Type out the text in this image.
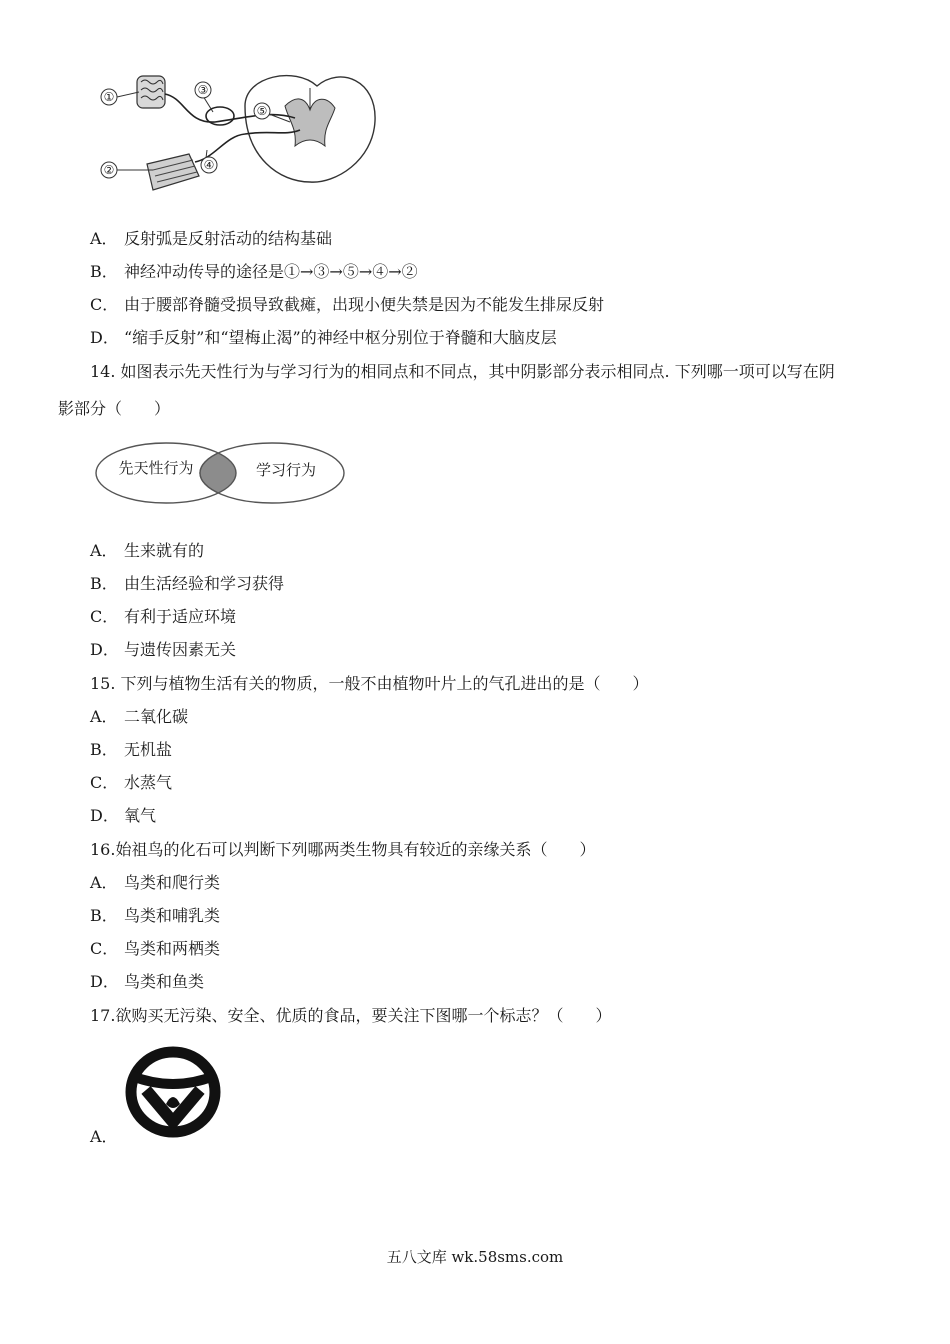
①
②
③
④
⑤
A． 反射弧是反射活动的结构基础
B． 神经冲动传导的途径是①→③→⑤→④→②
C． 由于腰部脊髓受损导致截瘫，出现小便失禁是因为不能发生排尿反射
D． “缩手反射”和“望梅止渴”的神经中枢分别位于脊髓和大脑皮层
14. 如图表示先天性行为与学习行为的相同点和不同点，其中阴影部分表示相同点. 下列哪一项可以写在阴
影部分（　　）
先天性行为	学习行为
A． 生来就有的
B． 由生活经验和学习获得
C． 有利于适应环境
D． 与遗传因素无关
15. 下列与植物生活有关的物质，一般不由植物叶片上的气孔进出的是（　　）
A． 二氧化碳
B． 无机盐
C． 水蒸气
D． 氧气
16.始祖鸟的化石可以判断下列哪两类生物具有较近的亲缘关系（　　）
A． 鸟类和爬行类
B． 鸟类和哺乳类
C． 鸟类和两栖类
D． 鸟类和鱼类
17.欲购买无污染、安全、优质的食品，要关注下图哪一个标志？（　　）
A．
五八文库 wk.58sms.com
